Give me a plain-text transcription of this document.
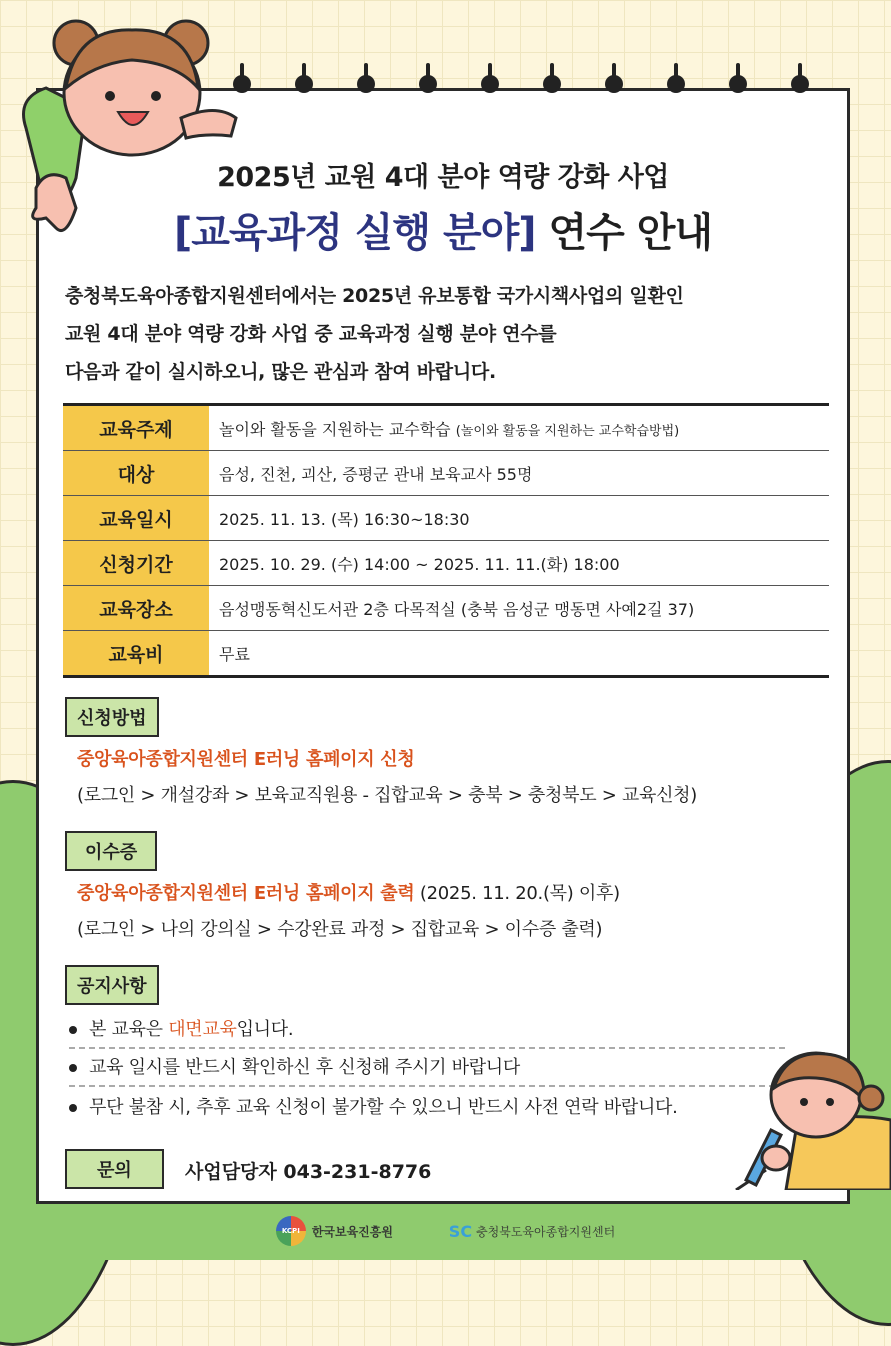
2025년 교원 4대 분야 역량 강화 사업
[교육과정 실행 분야] 연수 안내
충청북도육아종합지원센터에서는 2025년 유보통합 국가시책사업의 일환인
교원 4대 분야 역량 강화 사업 중 교육과정 실행 분야 연수를
다음과 같이 실시하오니, 많은 관심과 참여 바랍니다.
교육주제	놀이와 활동을 지원하는 교수학습 (놀이와 활동을 지원하는 교수학습방법)
대상	음성, 진천, 괴산, 증평군 관내 보육교사 55명
교육일시	2025. 11. 13. (목) 16:30~18:30
신청기간	2025. 10. 29. (수) 14:00 ~ 2025. 11. 11.(화) 18:00
교육장소	음성맹동혁신도서관 2층 다목적실 (충북 음성군 맹동면 사예2길 37)
교육비	무료
신청방법
중앙육아종합지원센터 E러닝 홈페이지 신청
(로그인 > 개설강좌 > 보육교직원용 - 집합교육 > 충북 > 충청북도 > 교육신청)
이수증
중앙육아종합지원센터 E러닝 홈페이지 출력 (2025. 11. 20.(목) 이후)
(로그인 > 나의 강의실 > 수강완료 과정 > 집합교육 > 이수증 출력)
공지사항
본 교육은 대면교육입니다.
교육 일시를 반드시 확인하신 후 신청해 주시기 바랍니다
무단 불참 시, 추후 교육 신청이 불가할 수 있으니 반드시 사전 연락 바랍니다.
문의	사업담당자 043-231-8776
KCPI	한국보육진흥원
	SC 충청북도육아종합지원센터
